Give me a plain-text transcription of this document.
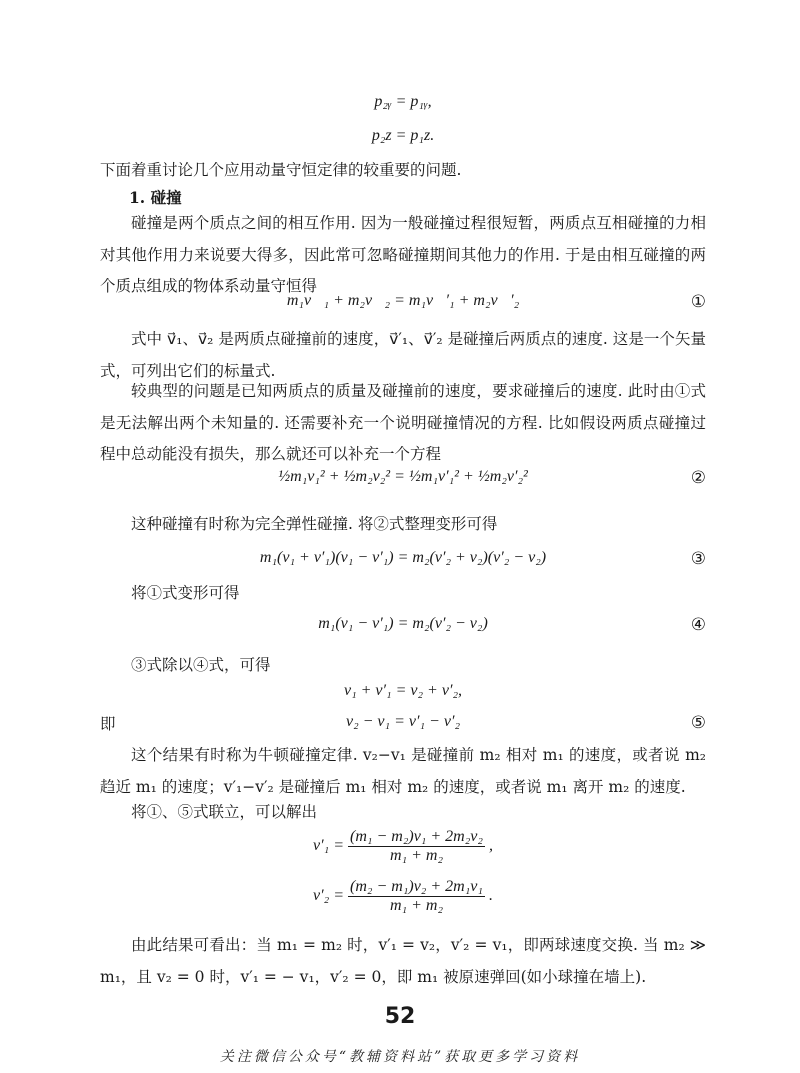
p₂ᵧ = p₁ᵧ,
p₂z = p₁z.
下面着重讨论几个应用动量守恒定律的较重要的问题.
1. 碰撞
碰撞是两个质点之间的相互作用. 因为一般碰撞过程很短暂，两质点互相碰撞的力相对其他作用力来说要大得多，因此常可忽略碰撞期间其他力的作用. 于是由相互碰撞的两个质点组成的物体系动量守恒得
m₁v⃗₁ + m₂v⃗₂ = m₁v⃗′₁ + m₂v⃗′₂	①
式中 v⃗₁、v⃗₂ 是两质点碰撞前的速度，v⃗′₁、v⃗′₂ 是碰撞后两质点的速度. 这是一个矢量式，可列出它们的标量式.
较典型的问题是已知两质点的质量及碰撞前的速度，要求碰撞后的速度. 此时由①式是无法解出两个未知量的. 还需要补充一个说明碰撞情况的方程. 比如假设两质点碰撞过程中总动能没有损失，那么就还可以补充一个方程
½m₁v₁² + ½m₂v₂² = ½m₁v′₁² + ½m₂v′₂²	②
这种碰撞有时称为完全弹性碰撞. 将②式整理变形可得
m₁(v₁ + v′₁)(v₁ − v′₁) = m₂(v′₂ + v₂)(v′₂ − v₂)	③
将①式变形可得
m₁(v₁ − v′₁) = m₂(v′₂ − v₂)	④
③式除以④式，可得
v₁ + v′₁ = v₂ + v′₂,
即	v₂ − v₁ = v′₁ − v′₂	⑤
这个结果有时称为牛顿碰撞定律. v₂−v₁ 是碰撞前 m₂ 相对 m₁ 的速度，或者说 m₂ 趋近 m₁ 的速度；v′₁−v′₂ 是碰撞后 m₁ 相对 m₂ 的速度，或者说 m₁ 离开 m₂ 的速度.
将①、⑤式联立，可以解出
$v'_1 = \frac{\text{(m₁ − m₂)v₁ + 2m₂v₂}}{\text{m₁ + m₂}}$ ,
$v'_2 = \frac{\text{(m₂ − m₁)v₂ + 2m₁v₁}}{\text{m₁ + m₂}}$ .
由此结果可看出：当 m₁ = m₂ 时，v′₁ = v₂，v′₂ = v₁，即两球速度交换. 当 m₂ ≫ m₁，且 v₂ = 0 时，v′₁ = − v₁，v′₂ = 0，即 m₁ 被原速弹回(如小球撞在墙上).
52
关注微信公众号“教辅资料站”获取更多学习资料
